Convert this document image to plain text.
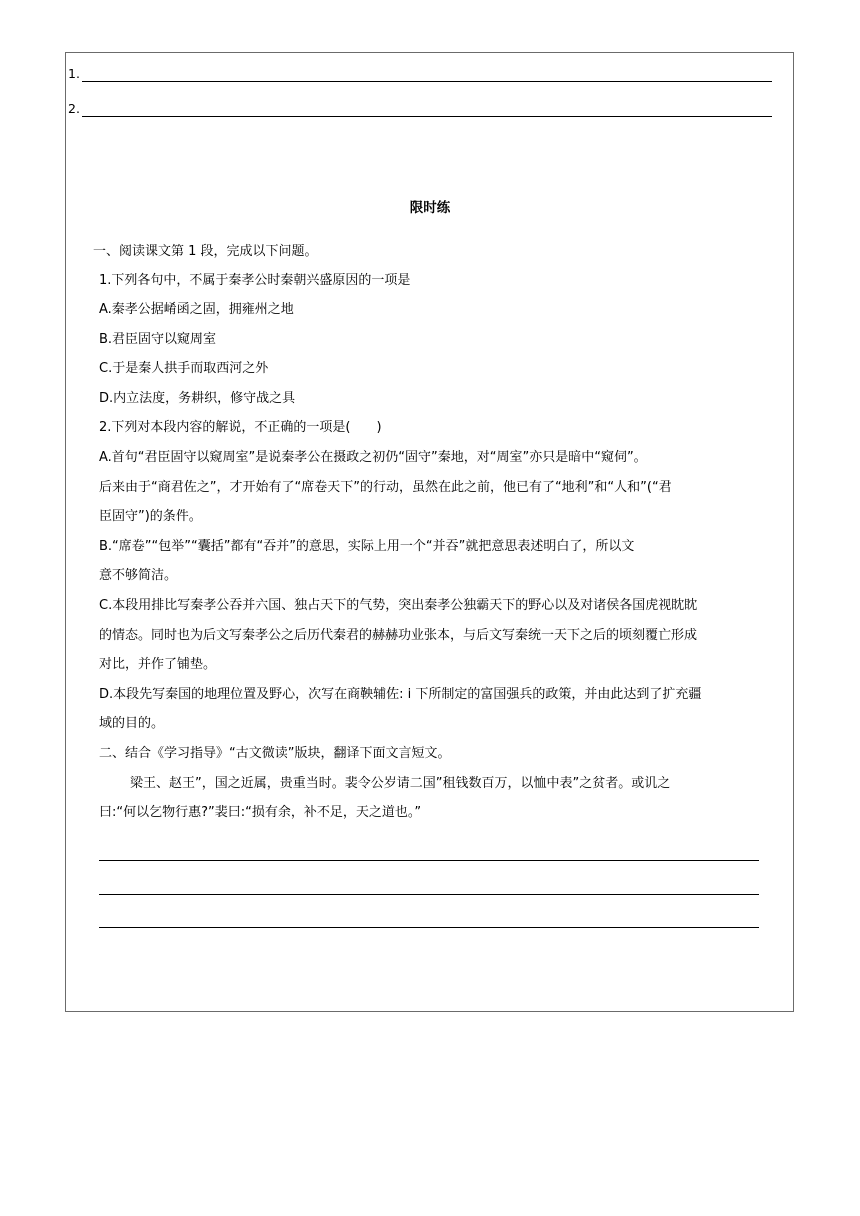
1.
2.
限时练
一、阅读课文第 1 段，完成以下问题。
1.下列各句中，不属于秦孝公时秦朝兴盛原因的一项是
A.秦孝公据崤函之固，拥雍州之地
B.君臣固守以窥周室
C.于是秦人拱手而取西河之外
D.内立法度，务耕织，修守战之具
2.下列对本段内容的解说，不正确的一项是(　　)
A.首句“君臣固守以窥周室”是说秦孝公在摄政之初仍“固守”秦地，对“周室”亦只是暗中“窥伺”。
后来由于“商君佐之”，才开始有了“席卷天下”的行动，虽然在此之前，他已有了“地利”和“人和”(“君
臣固守”)的条件。
B.“席卷”“包举”“囊括”都有“吞并”的意思，实际上用一个“并吞”就把意思表述明白了，所以文
意不够简洁。
C.本段用排比写秦孝公吞并六国、独占天下的气势，突出秦孝公独霸天下的野心以及对诸侯各国虎视眈眈
的情态。同时也为后文写秦孝公之后历代秦君的赫赫功业张本，与后文写秦统一天下之后的顷刻覆亡形成
对比，并作了铺垫。
D.本段先写秦国的地理位置及野心，次写在商鞅辅佐: i 下所制定的富国强兵的政策，并由此达到了扩充疆
域的目的。
二、结合《学习指导》“古文微读”版块，翻译下面文言短文。
梁王、赵王”，国之近属，贵重当时。裴令公岁请二国”租钱数百万，以恤中表”之贫者。或讥之
曰:“何以乞物行惠?”裴曰:“损有余，补不足，天之道也。”
